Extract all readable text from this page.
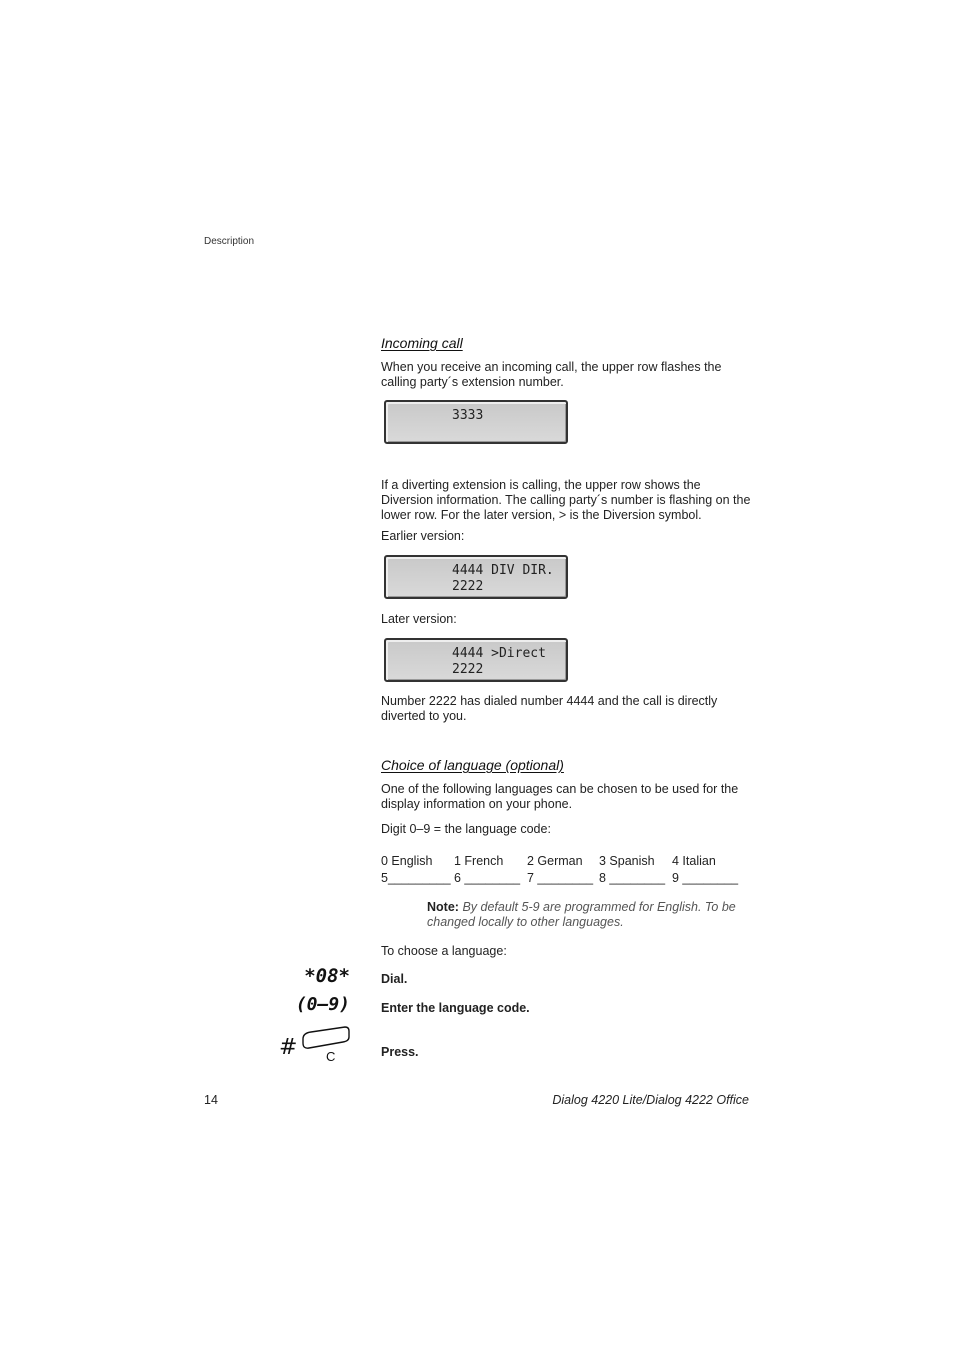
Description
Incoming call
When you receive an incoming call, the upper row flashes the calling party´s extension number.
3333
If a diverting extension is calling, the upper row shows the Diversion information. The calling party´s number is flashing on the lower row. For the later version, > is the Diversion symbol.
Earlier version:
4444 DIV DIR.
2222
Later version:
4444 >Direct
2222
Number 2222 has dialed number 4444 and the call is directly diverted to you.
Choice of language (optional)
One of the following languages can be chosen to be used for the display information on your phone.
Digit 0–9 = the language code:
0 English 1 French 2 German 3 Spanish 4 Italian
5_________ 6 ________ 7 ________ 8 ________ 9 ________
Note: By default 5-9 are programmed for English. To be changed locally to other languages.
To choose a language:
*08* Dial.
(0–9) Enter the language code.
# C	Press.
14	Dialog 4220 Lite/Dialog 4222 Office
